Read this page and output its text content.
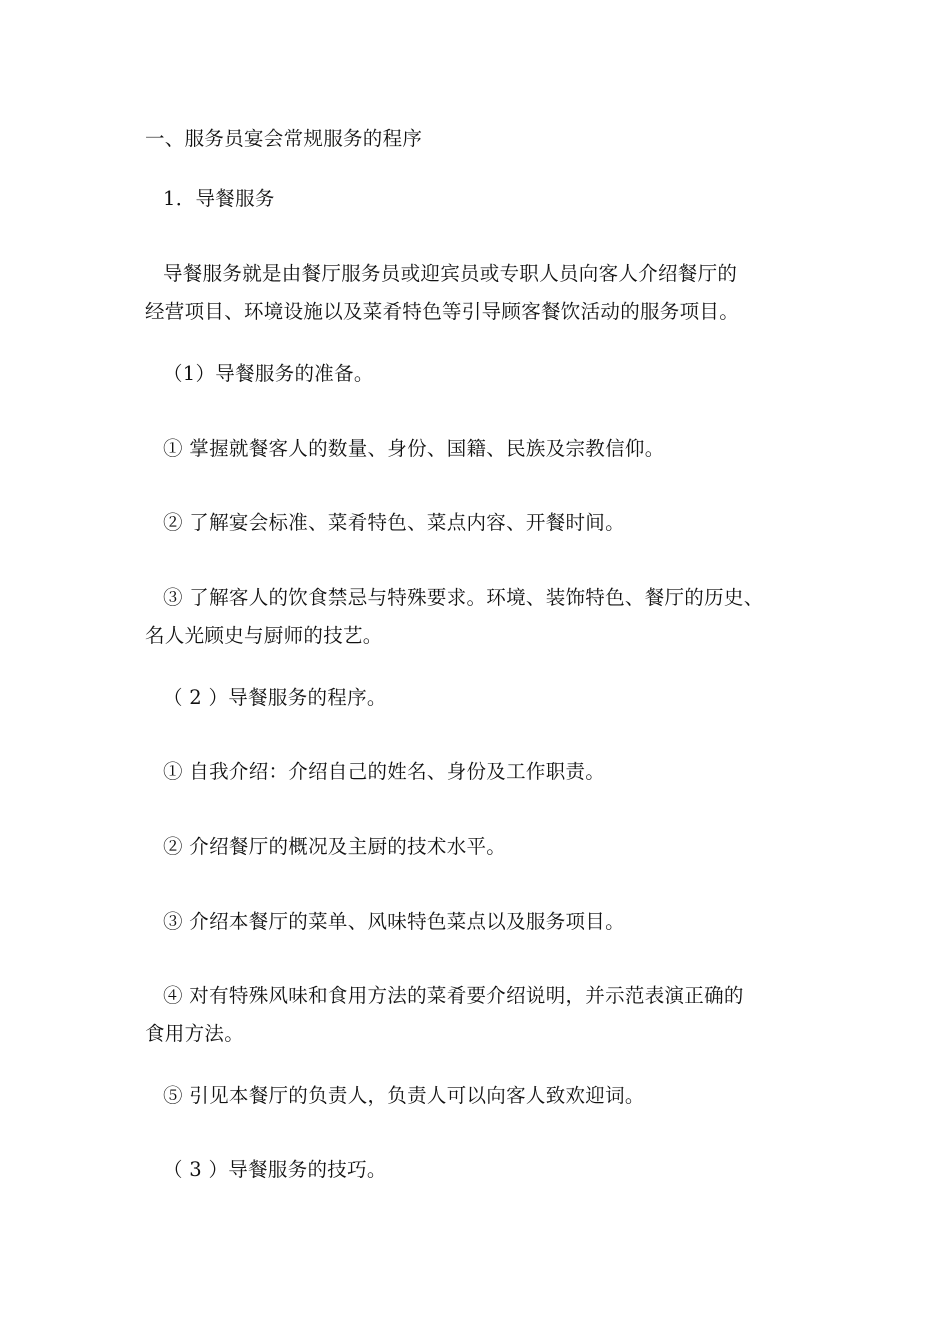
一、服务员宴会常规服务的程序
1．导餐服务
导餐服务就是由餐厅服务员或迎宾员或专职人员向客人介绍餐厅的
经营项目、环境设施以及菜肴特色等引导顾客餐饮活动的服务项目。
（1）导餐服务的准备。
① 掌握就餐客人的数量、身份、国籍、民族及宗教信仰。
② 了解宴会标准、菜肴特色、菜点内容、开餐时间。
③ 了解客人的饮食禁忌与特殊要求。环境、装饰特色、餐厅的历史、
名人光顾史与厨师的技艺。
（ 2 ）导餐服务的程序。
① 自我介绍：介绍自己的姓名、身份及工作职责。
② 介绍餐厅的概况及主厨的技术水平。
③ 介绍本餐厅的菜单、风味特色菜点以及服务项目。
④ 对有特殊风味和食用方法的菜肴要介绍说明，并示范表演正确的
食用方法。
⑤ 引见本餐厅的负责人，负责人可以向客人致欢迎词。
（ 3 ）导餐服务的技巧。
